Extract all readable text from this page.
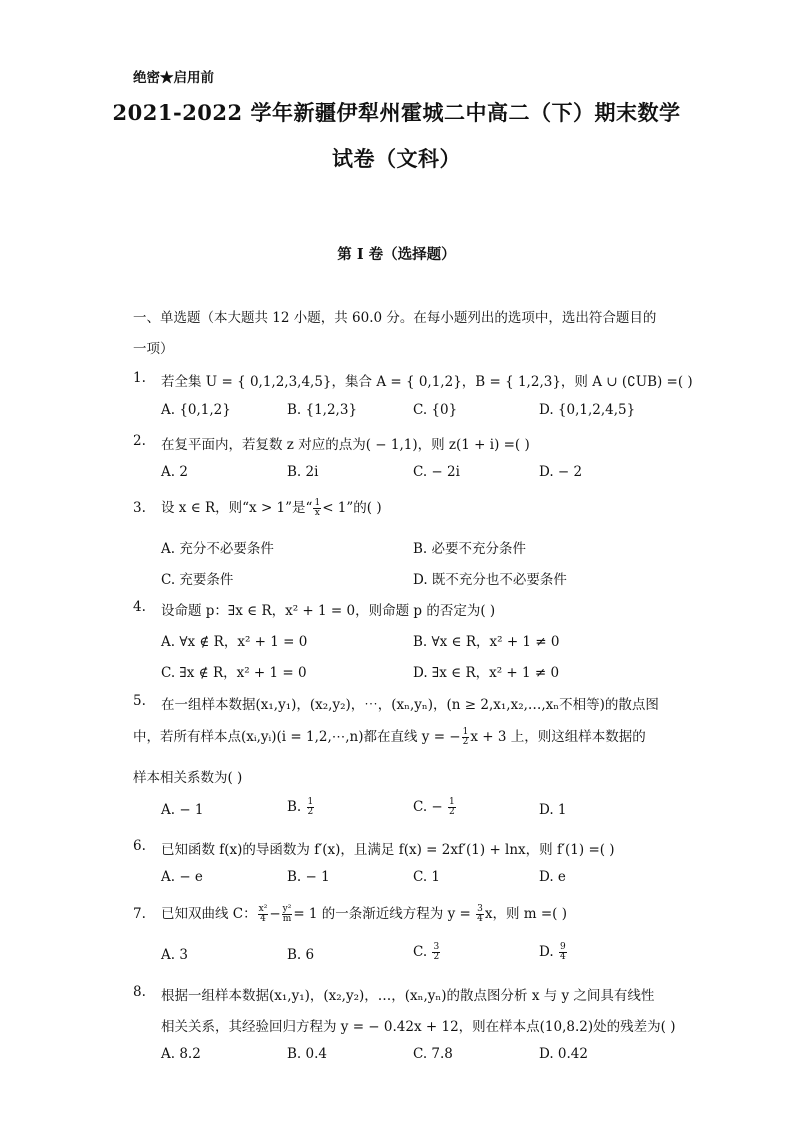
绝密★启用前
2021-2022 学年新疆伊犁州霍城二中高二（下）期末数学
试卷（文科）
第 I 卷（选择题）
一、单选题（本大题共 12 小题，共 60.0 分。在每小题列出的选项中，选出符合题目的
一项）
1. 若全集 U = { 0,1,2,3,4,5}，集合 A = { 0,1,2}，B = { 1,2,3}，则 A ∪ (∁UB) =( )
A. {0,1,2}	B. {1,2,3}	C. {0}	D. {0,1,2,4,5}
2. 在复平面内，若复数 z 对应的点为( − 1,1)，则 z(1 + i) =( )
A. 2	B. 2i	C. − 2i	D. − 2
3. 设 x ∈ R，则“x > 1”是“ $\frac{1}{x} < 1$”的( )
A. 充分不必要条件	B. 必要不充分条件
C. 充要条件	D. 既不充分也不必要条件
4. 设命题 p：∃x ∈ R，x² + 1 = 0，则命题 p 的否定为( )
A. ∀x ∉ R，x² + 1 = 0	B. ∀x ∈ R，x² + 1 ≠ 0
C. ∃x ∉ R，x² + 1 = 0	D. ∃x ∈ R，x² + 1 ≠ 0
5. 在一组样本数据(x₁,y₁)，(x₂,y₂)，⋯，(xₙ,yₙ)，(n ≥ 2,x₁,x₂,…,xₙ不相等)的散点图
中，若所有样本点(xᵢ,yᵢ)(i = 1,2,⋯,n)都在直线 y = − $\frac{1}{2}$ x + 3 上，则这组样本数据的
样本相关系数为( )
A. − 1	B. $\frac{1}{2}$	C. − $\frac{1}{2}$	D. 1
6. 已知函数 f(x)的导函数为 f′(x)，且满足 f(x) = 2xf′(1) + lnx，则 f′(1) =( )
A. − e	B. − 1	C. 1	D. e
7. 已知双曲线 C： $\frac{\text{x²}}{4} - \frac{\text{y²}}{m} = 1$ 的一条渐近线方程为 $y = \frac{3}{4}$ x，则 m =( )
A. 3	B. 6	C. $\frac{3}{2}$	D. $\frac{9}{4}$
8. 根据一组样本数据(x₁,y₁)，(x₂,y₂)，…，(xₙ,yₙ)的散点图分析 x 与 y 之间具有线性
相关关系，其经验回归方程为 y = − 0.42x + 12，则在样本点(10,8.2)处的残差为( )
A. 8.2	B. 0.4	C. 7.8	D. 0.42
